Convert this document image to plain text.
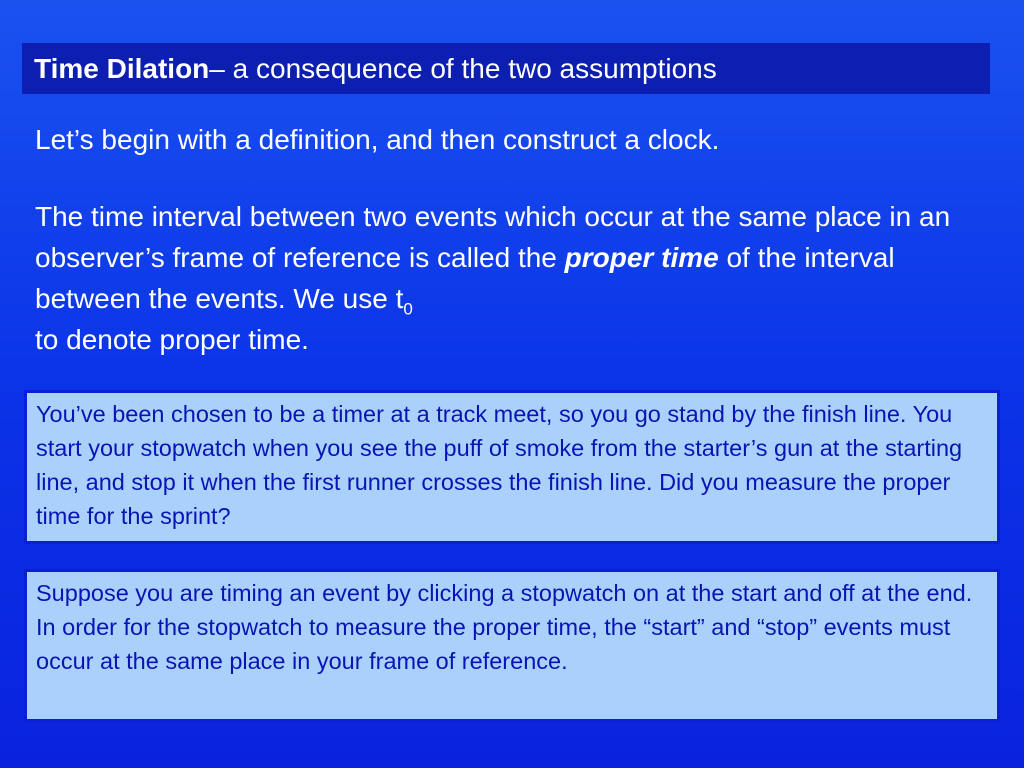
Time Dilation – a consequence of the two assumptions
Let’s begin with a definition, and then construct a clock.
The time interval between two events which occur at the same place in an observer’s frame of reference is called the proper time of the interval between the events. We use $t_0$
to denote proper time.
You’ve been chosen to be a timer at a track meet, so you go stand by the finish line. You start your stopwatch when you see the puff of smoke from the starter’s gun at the starting line, and stop it when the first runner crosses the finish line. Did you measure the proper time for the sprint?
Suppose you are timing an event by clicking a stopwatch on at the start and off at the end. In order for the stopwatch to measure the proper time, the “start” and “stop” events must occur at the same place in your frame of reference.
